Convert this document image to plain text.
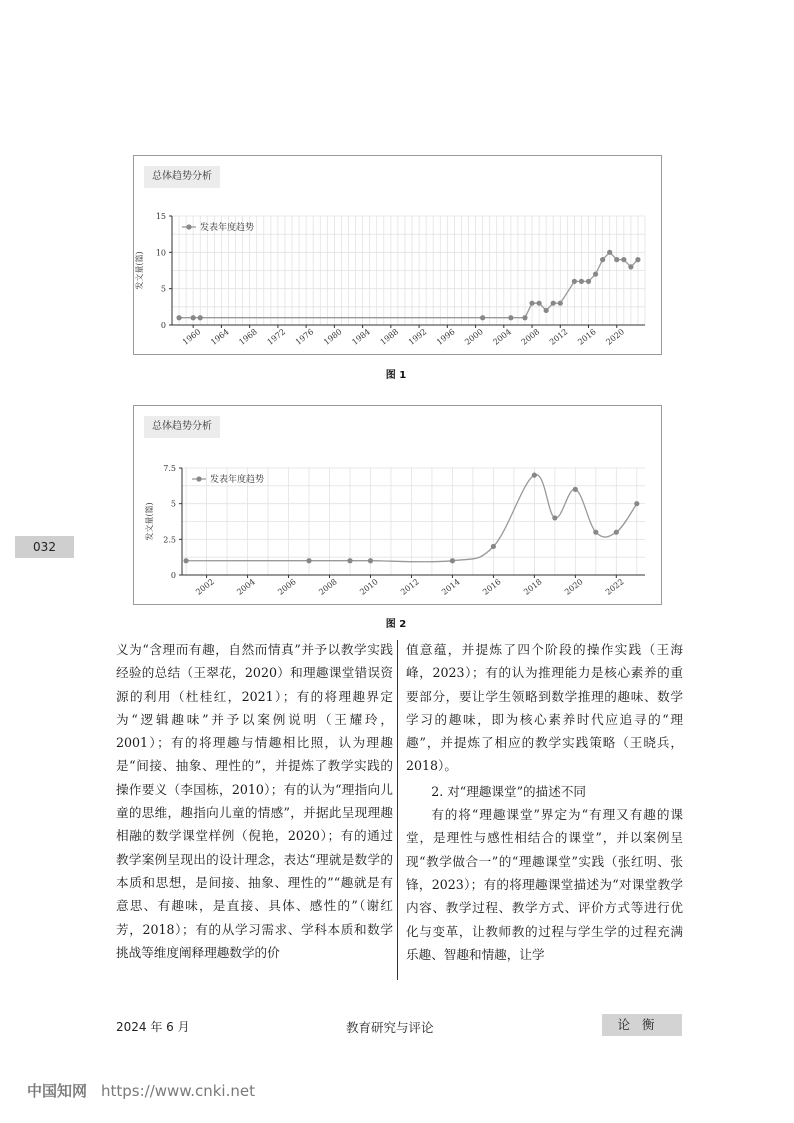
总体趋势分析
0
5
10
15
1960 1964 1968 1972 1976 1980 1984 1988 1992 1996 2000 2004 2008 2012 2016 2020
发文量(篇)
发表年度趋势
图 1
总体趋势分析
0
2.5
5
7.5
2002 2004 2006 2008 2010 2012 2014 2016 2018 2020 2022
发文量(篇)
发表年度趋势
图 2
032

义为“含理而有趣，自然而情真”并予以教学实践经验的总结（王翠花，2020）和理趣课堂错误资源的利用（杜桂红，2021）；有的将理趣界定为“逻辑趣味”并予以案例说明（王耀玲，2001）；有的将理趣与情趣相比照，认为理趣是“间接、抽象、理性的”，并提炼了教学实践的操作要义（李国栋，2010）；有的认为“理指向儿童的思维，趣指向儿童的情感”，并据此呈现理趣相融的数学课堂样例（倪艳，2020）；有的通过教学案例呈现出的设计理念，表达“理就是数学的本质和思想，是间接、抽象、理性的”“趣就是有意思、有趣味，是直接、具体、感性的”（谢红芳，2018）；有的从学习需求、学科本质和数学挑战等维度阐释理趣数学的价

值意蕴，并提炼了四个阶段的操作实践（王海峰，2023）；有的认为推理能力是核心素养的重要部分，要让学生领略到数学推理的趣味、数学学习的趣味，即为核心素养时代应追寻的“理趣”，并提炼了相应的教学实践策略（王晓兵，2018）。

2. 对“理趣课堂”的描述不同

有的将“理趣课堂”界定为“有理又有趣的课堂，是理性与感性相结合的课堂”，并以案例呈现“教学做合一”的“理趣课堂”实践（张红明、张锋，2023）；有的将理趣课堂描述为“对课堂教学内容、教学过程、教学方式、评价方式等进行优化与变革，让教师教的过程与学生学的过程充满乐趣、智趣和情趣，让学

2024 年 6 月	教育研究与评论	论衡
中国知网 https://www.cnki.net
